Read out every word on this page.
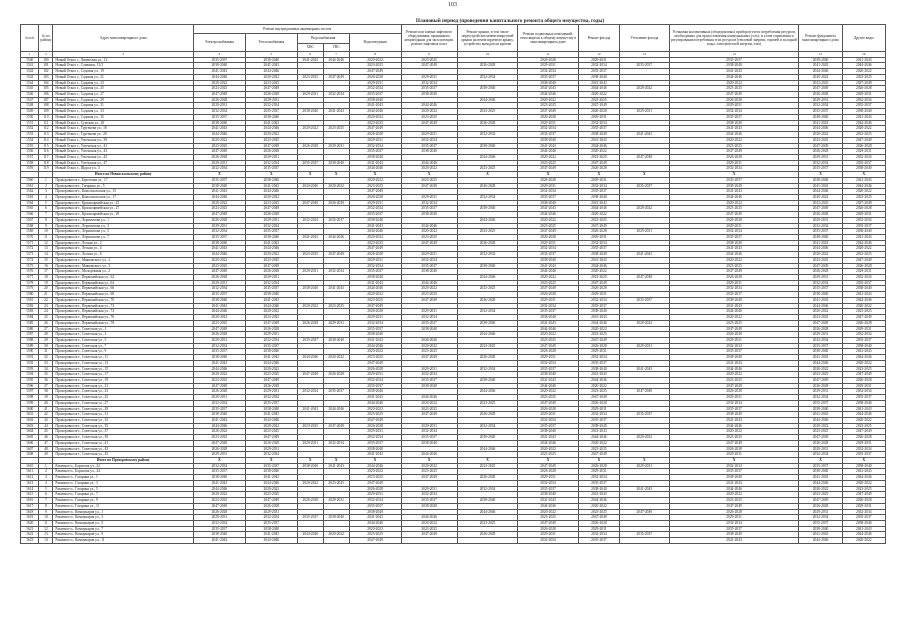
103
Плановый период (проведения капитального ремонта общего имущества, годы)
№ п/п	№ по району	Адрес многоквартирного дома	Ремонт внутридомовых инженерных систем					Ремонт или замена лифтового оборудования, признанного непригодным для эксплуатации, ремонт лифтовых шахт	Ремонт крыши, в том числе переустройство невентилируемой крыши на вентилируемую крышу, устройство выходов на кровлю	Ремонт подвальных помещений, относящихся к общему имуществу в многоквартирном доме	Ремонт фасада	Утепление фасада	Установка коллективных (общедомовых) приборов учета потребления ресурсов, необходимых для предоставления коммунальных услуг, и узлов управления и регулирования потребления этих ресурсов (тепловой энергии, горячей и холодной воды, электрической энергии, газа)	Ремонт фундамента многоквартирного дома	Другие виды
			Электроснабжения	Теплоснабжения	Водоснабжения		Водоотведения								
					ХВС	ГВС									
1	2	3	4	5	6	7	8	9	10	11	12	13	14	15	16
1540	100	Новый Оскол г., Ливенская ул., 12	2035-2037	2038-2040	2041-2043	2044-2046	2020-2022	2023-2025		2026-2028	2029-2031		2035-2037	2038-2040	2041-2043
1541	101	Новый Оскол г., Славянск, 13/1	2038-2040	2041-2043			2023-2025	2047-2049	2026-2028	2029-2031	2032-2034	2035-2037	2038-2040	2041-2043	2044-2046
1542	102	Новый Оскол г., Садовая ул., 19	2041-2043	2044-2046			2047-2049			2032-2034	2035-2037		2041-2043	2044-2046	2020-2022
1543	103	Новый Оскол г., Садовая ул., 21	2044-2046	2020-2022	2023-2025	2047-2049	2026-2028	2029-2031	2032-2034	2035-2037	2038-2040		2044-2046	2020-2022	2023-2025
1544	104	Новый Оскол г., Садовая ул., 23	2020-2022	2023-2025			2029-2031	2032-2034		2038-2040	2041-2043		2020-2022	2023-2025	2047-2049
1545	105	Новый Оскол г., Садовая ул., 25	2023-2025	2047-2049			2032-2034	2035-2037	2038-2040	2041-2043	2044-2046	2020-2022	2023-2025	2047-2049	2026-2028
1546	106	Новый Оскол г., Садовая ул., 27	2047-2049	2026-2028	2029-2031	2032-2034	2035-2037	2038-2040		2044-2046	2020-2022		2047-2049	2026-2028	2029-2031
1547	107	Новый Оскол г., Садовая ул., 29	2026-2028	2029-2031			2038-2040		2044-2046	2020-2022	2023-2025		2026-2028	2029-2031	2032-2034
1548	108	Новый Оскол г., Садовая ул., 31	2029-2031	2032-2034			2041-2043	2044-2046		2023-2025	2047-2049		2029-2031	2032-2034	2035-2037
1549	109	Новый Оскол г., Садовая ул., 33	2032-2034	2035-2037	2038-2040	2041-2043	2044-2046	2020-2022	2023-2025	2047-2049	2026-2028	2029-2031	2032-2034	2035-2037	2038-2040
1550	110	Новый Оскол г., Садовая ул., 35	2035-2037	2038-2040			2020-2022	2023-2025		2026-2028	2029-2031		2035-2037	2038-2040	2041-2043
1551	111	Новый Оскол г., Сумская ул., 20	2038-2040	2041-2043			2023-2025	2047-2049	2026-2028	2029-2031	2032-2034		2038-2040	2041-2043	2044-2046
1552	112	Новый Оскол г., Тургенева ул., 18	2041-2043	2044-2046	2020-2022	2023-2025	2047-2049			2032-2034	2035-2037		2041-2043	2044-2046	2020-2022
1553	113	Новый Оскол г., Тургенева ул., 20	2044-2046	2020-2022			2026-2028	2029-2031	2032-2034	2035-2037	2038-2040	2041-2043	2044-2046	2020-2022	2023-2025
1554	114	Новый Оскол г., Успенская ул., 39	2020-2022	2023-2025			2029-2031	2032-2034		2038-2040	2041-2043		2020-2022	2023-2025	2047-2049
1555	115	Новый Оскол г., Успенская ул., 41	2023-2025	2047-2049	2026-2028	2029-2031	2032-2034	2035-2037	2038-2040	2041-2043	2044-2046		2023-2025	2047-2049	2026-2028
1556	116	Новый Оскол г., Успенская ул., 43	2047-2049	2026-2028			2035-2037	2038-2040		2044-2046	2020-2022		2047-2049	2026-2028	2029-2031
1557	117	Новый Оскол г., Успенская ул., 45	2026-2028	2029-2031			2038-2040		2044-2046	2020-2022	2023-2025	2047-2049	2026-2028	2029-2031	2032-2034
1558	118	Новый Оскол г., Успенская ул., 47	2029-2031	2032-2034	2035-2037	2038-2040	2041-2043	2044-2046		2023-2025	2047-2049		2029-2031	2032-2034	2035-2037
1559	119	Новый Оскол г., Щорса ул., 5	2032-2034	2035-2037			2044-2046	2020-2022	2023-2025	2047-2049	2026-2028		2032-2034	2035-2037	2038-2040
		Итого по Новооскольскому району	X	X	X	X	X	X	X	X	X	X	X	X	X
1560	1	Прохоровка пгт., Береговая ул., 17	2035-2037	2038-2040			2020-2022	2023-2025		2026-2028	2029-2031		2035-2037	2038-2040	2041-2043
1561	2	Прохоровка пгт., Гагарина ул., 5	2038-2040	2041-2043	2044-2046	2020-2022	2023-2025	2047-2049	2026-2028	2029-2031	2032-2034	2035-2037	2038-2040	2041-2043	2044-2046
1562	3	Прохоровка пгт., Комсомольская ул., 15	2041-2043	2044-2046			2047-2049			2032-2034	2035-2037		2041-2043	2044-2046	2020-2022
1563	4	Прохоровка пгт., Комсомольская ул., 17	2044-2046	2020-2022			2026-2028	2029-2031	2032-2034	2035-2037	2038-2040		2044-2046	2020-2022	2023-2025
1564	5	Прохоровка пгт., Красноармейская ул., 25	2020-2022	2023-2025	2047-2049	2026-2028	2029-2031	2032-2034		2038-2040	2041-2043		2020-2022	2023-2025	2047-2049
1565	6	Прохоровка пгт., Красноармейская ул., 27	2023-2025	2047-2049			2032-2034	2035-2037	2038-2040	2041-2043	2044-2046	2020-2022	2023-2025	2047-2049	2026-2028
1566	7	Прохоровка пгт., Красноармейская ул., 29	2047-2049	2026-2028			2035-2037	2038-2040		2044-2046	2020-2022		2047-2049	2026-2028	2029-2031
1567	8	Прохоровка пгт., Лермонтова ул., 1	2026-2028	2029-2031	2032-2034	2035-2037	2038-2040		2044-2046	2020-2022	2023-2025		2026-2028	2029-2031	2032-2034
1568	9	Прохоровка пгт., Лермонтова ул., 3	2029-2031	2032-2034			2041-2043	2044-2046		2023-2025	2047-2049		2029-2031	2032-2034	2035-2037
1569	10	Прохоровка пгт., Лермонтова ул., 5	2032-2034	2035-2037			2044-2046	2020-2022	2023-2025	2047-2049	2026-2028	2029-2031	2032-2034	2035-2037	2038-2040
1570	11	Прохоровка пгт., Лермонтова ул., 7	2035-2037	2038-2040	2041-2043	2044-2046	2020-2022	2023-2025		2026-2028	2029-2031		2035-2037	2038-2040	2041-2043
1571	12	Прохоровка пгт., Лесная ул., 2	2038-2040	2041-2043			2023-2025	2047-2049	2026-2028	2029-2031	2032-2034		2038-2040	2041-2043	2044-2046
1572	13	Прохоровка пгт., Лесная ул., 4	2041-2043	2044-2046			2047-2049			2032-2034	2035-2037		2041-2043	2044-2046	2020-2022
1573	14	Прохоровка пгт., Лесная ул., 6	2044-2046	2020-2022	2023-2025	2047-2049	2026-2028	2029-2031	2032-2034	2035-2037	2038-2040	2041-2043	2044-2046	2020-2022	2023-2025
1574	15	Прохоровка пгт., Маяковского ул., 1	2020-2022	2023-2025			2029-2031	2032-2034		2038-2040	2041-2043		2020-2022	2023-2025	2047-2049
1575	16	Прохоровка пгт., Маяковского ул., 3	2023-2025	2047-2049			2032-2034	2035-2037	2038-2040	2041-2043	2044-2046		2023-2025	2047-2049	2026-2028
1576	17	Прохоровка пгт., Молодёжная ул., 2	2047-2049	2026-2028	2029-2031	2032-2034	2035-2037	2038-2040		2044-2046	2020-2022		2047-2049	2026-2028	2029-2031
1577	18	Прохоровка пгт., Первомайская ул., 62	2026-2028	2029-2031			2038-2040		2044-2046	2020-2022	2023-2025	2047-2049	2026-2028	2029-2031	2032-2034
1578	19	Прохоровка пгт., Первомайская ул., 64	2029-2031	2032-2034			2041-2043	2044-2046		2023-2025	2047-2049		2029-2031	2032-2034	2035-2037
1579	20	Прохоровка пгт., Первомайская ул., 66	2032-2034	2035-2037	2038-2040	2041-2043	2044-2046	2020-2022	2023-2025	2047-2049	2026-2028		2032-2034	2035-2037	2038-2040
1580	21	Прохоровка пгт., Первомайская ул., 68	2035-2037	2038-2040			2020-2022	2023-2025		2026-2028	2029-2031		2035-2037	2038-2040	2041-2043
1581	22	Прохоровка пгт., Первомайская ул., 70	2038-2040	2041-2043			2023-2025	2047-2049	2026-2028	2029-2031	2032-2034	2035-2037	2038-2040	2041-2043	2044-2046
1582	23	Прохоровка пгт., Первомайская ул., 72	2041-2043	2044-2046	2020-2022	2023-2025	2047-2049			2032-2034	2035-2037		2041-2043	2044-2046	2020-2022
1583	24	Прохоровка пгт., Первомайская ул., 74	2044-2046	2020-2022			2026-2028	2029-2031	2032-2034	2035-2037	2038-2040		2044-2046	2020-2022	2023-2025
1584	25	Прохоровка пгт., Первомайская ул., 76	2020-2022	2023-2025			2029-2031	2032-2034		2038-2040	2041-2043		2020-2022	2023-2025	2047-2049
1585	26	Прохоровка пгт., Первомайская ул., 78	2023-2025	2047-2049	2026-2028	2029-2031	2032-2034	2035-2037	2038-2040	2041-2043	2044-2046	2020-2022	2023-2025	2047-2049	2026-2028
1586	27	Прохоровка пгт., Советская ул., 1	2047-2049	2026-2028			2035-2037	2038-2040		2044-2046	2020-2022		2047-2049	2026-2028	2029-2031
1587	28	Прохоровка пгт., Советская ул., 3	2026-2028	2029-2031			2038-2040		2044-2046	2020-2022	2023-2025		2026-2028	2029-2031	2032-2034
1588	29	Прохоровка пгт., Советская ул., 5	2029-2031	2032-2034	2035-2037	2038-2040	2041-2043	2044-2046		2023-2025	2047-2049		2029-2031	2032-2034	2035-2037
1589	30	Прохоровка пгт., Советская ул., 7	2032-2034	2035-2037			2044-2046	2020-2022	2023-2025	2047-2049	2026-2028	2029-2031	2032-2034	2035-2037	2038-2040
1590	31	Прохоровка пгт., Советская ул., 9	2035-2037	2038-2040			2020-2022	2023-2025		2026-2028	2029-2031		2035-2037	2038-2040	2041-2043
1591	32	Прохоровка пгт., Советская ул., 11	2038-2040	2041-2043	2044-2046	2020-2022	2023-2025	2047-2049	2026-2028	2029-2031	2032-2034		2038-2040	2041-2043	2044-2046
1592	33	Прохоровка пгт., Советская ул., 13	2041-2043	2044-2046			2047-2049			2032-2034	2035-2037		2041-2043	2044-2046	2020-2022
1593	34	Прохоровка пгт., Советская ул., 15	2044-2046	2020-2022			2026-2028	2029-2031	2032-2034	2035-2037	2038-2040	2041-2043	2044-2046	2020-2022	2023-2025
1594	35	Прохоровка пгт., Советская ул., 17	2020-2022	2023-2025	2047-2049	2026-2028	2029-2031	2032-2034		2038-2040	2041-2043		2020-2022	2023-2025	2047-2049
1595	36	Прохоровка пгт., Советская ул., 19	2023-2025	2047-2049			2032-2034	2035-2037	2038-2040	2041-2043	2044-2046		2023-2025	2047-2049	2026-2028
1596	37	Прохоровка пгт., Советская ул., 21	2047-2049	2026-2028			2035-2037	2038-2040		2044-2046	2020-2022		2047-2049	2026-2028	2029-2031
1597	38	Прохоровка пгт., Советская ул., 23	2026-2028	2029-2031	2032-2034	2035-2037	2038-2040		2044-2046	2020-2022	2023-2025	2047-2049	2026-2028	2029-2031	2032-2034
1598	39	Прохоровка пгт., Советская ул., 25	2029-2031	2032-2034			2041-2043	2044-2046		2023-2025	2047-2049		2029-2031	2032-2034	2035-2037
1599	40	Прохоровка пгт., Советская ул., 27	2032-2034	2035-2037			2044-2046	2020-2022	2023-2025	2047-2049	2026-2028		2032-2034	2035-2037	2038-2040
1600	41	Прохоровка пгт., Советская ул., 29	2035-2037	2038-2040	2041-2043	2044-2046	2020-2022	2023-2025		2026-2028	2029-2031		2035-2037	2038-2040	2041-2043
1601	42	Прохоровка пгт., Советская ул., 31	2038-2040	2041-2043			2023-2025	2047-2049	2026-2028	2029-2031	2032-2034	2035-2037	2038-2040	2041-2043	2044-2046
1602	43	Прохоровка пгт., Советская ул., 33	2041-2043	2044-2046			2047-2049			2032-2034	2035-2037		2041-2043	2044-2046	2020-2022
1603	44	Прохоровка пгт., Советская ул., 35	2044-2046	2020-2022	2023-2025	2047-2049	2026-2028	2029-2031	2032-2034	2035-2037	2038-2040		2044-2046	2020-2022	2023-2025
1604	45	Прохоровка пгт., Советская ул., 37	2020-2022	2023-2025			2029-2031	2032-2034		2038-2040	2041-2043		2020-2022	2023-2025	2047-2049
1605	46	Прохоровка пгт., Советская ул., 39	2023-2025	2047-2049			2032-2034	2035-2037	2038-2040	2041-2043	2044-2046	2020-2022	2023-2025	2047-2049	2026-2028
1606	47	Прохоровка пгт., Советская ул., 41	2047-2049	2026-2028	2029-2031	2032-2034	2035-2037	2038-2040		2044-2046	2020-2022		2047-2049	2026-2028	2029-2031
1607	48	Прохоровка пгт., Советская ул., 43	2026-2028	2029-2031			2038-2040		2044-2046	2020-2022	2023-2025		2026-2028	2029-2031	2032-2034
1608	49	Прохоровка пгт., Советская ул., 45	2029-2031	2032-2034			2041-2043	2044-2046		2023-2025	2047-2049		2029-2031	2032-2034	2035-2037
		Итого по Прохоровскому району	X	X	X	X	X	X	X	X	X	X	X	X	X
1610	1	Ракитное п., Борисова ул., 22	2032-2034	2035-2037	2038-2040	2041-2043	2044-2046	2020-2022	2023-2025	2047-2049	2026-2028	2029-2031	2032-2034	2035-2037	2038-2040
1611	2	Ракитное п., Борисова ул., 24	2035-2037	2038-2040			2020-2022	2023-2025		2026-2028	2029-2031		2035-2037	2038-2040	2041-2043
1612	3	Ракитное п., Гагарина ул., 1	2038-2040	2041-2043			2023-2025	2047-2049	2026-2028	2029-2031	2032-2034		2038-2040	2041-2043	2044-2046
1613	4	Ракитное п., Гагарина ул., 3	2041-2043	2044-2046	2020-2022	2023-2025	2047-2049			2032-2034	2035-2037		2041-2043	2044-2046	2020-2022
1614	5	Ракитное п., Гагарина ул., 5	2044-2046	2020-2022			2026-2028	2029-2031	2032-2034	2035-2037	2038-2040	2041-2043	2044-2046	2020-2022	2023-2025
1615	6	Ракитное п., Гагарина ул., 7	2020-2022	2023-2025			2029-2031	2032-2034		2038-2040	2041-2043		2020-2022	2023-2025	2047-2049
1616	7	Ракитное п., Гагарина ул., 9	2023-2025	2047-2049	2026-2028	2029-2031	2032-2034	2035-2037	2038-2040	2041-2043	2044-2046		2023-2025	2047-2049	2026-2028
1617	8	Ракитное п., Гагарина ул., 11	2047-2049	2026-2028			2035-2037	2038-2040		2044-2046	2020-2022		2047-2049	2026-2028	2029-2031
1618	9	Ракитное п., Коммунаров ул., 1	2026-2028	2029-2031			2038-2040		2044-2046	2020-2022	2023-2025	2047-2049	2026-2028	2029-2031	2032-2034
1619	10	Ракитное п., Коммунаров ул., 3	2029-2031	2032-2034	2035-2037	2038-2040	2041-2043	2044-2046		2023-2025	2047-2049		2029-2031	2032-2034	2035-2037
1620	11	Ракитное п., Коммунаров ул., 5	2032-2034	2035-2037			2044-2046	2020-2022	2023-2025	2047-2049	2026-2028		2032-2034	2035-2037	2038-2040
1621	12	Ракитное п., Коммунаров ул., 7	2035-2037	2038-2040			2020-2022	2023-2025		2026-2028	2029-2031		2035-2037	2038-2040	2041-2043
1622	13	Ракитное п., Коммунаров ул., 9	2038-2040	2041-2043	2044-2046	2020-2022	2023-2025	2047-2049	2026-2028	2029-2031	2032-2034	2035-2037	2038-2040	2041-2043	2044-2046
1623	14	Ракитное п., Коммунаров ул., 11	2041-2043	2044-2046			2047-2049			2032-2034	2035-2037		2041-2043	2044-2046	2020-2022
